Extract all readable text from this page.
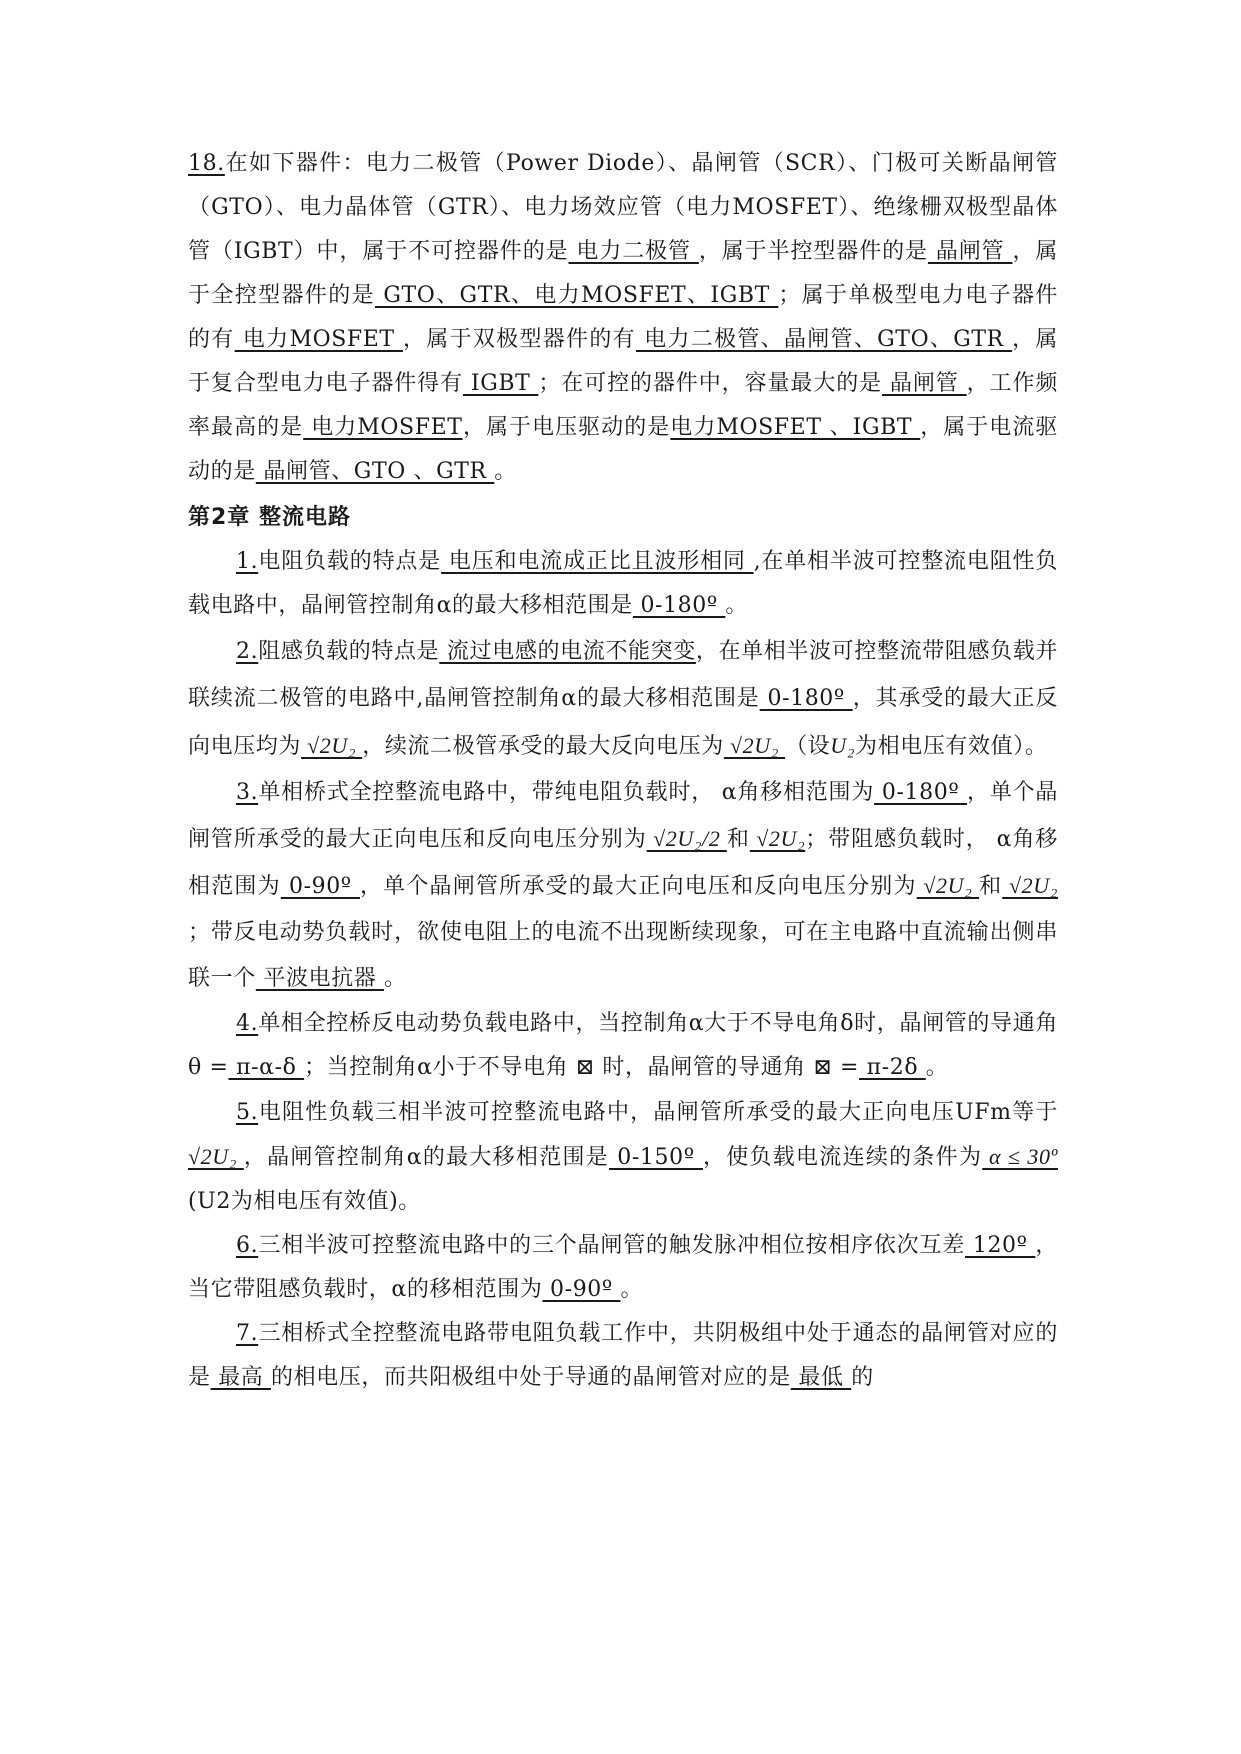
18.在如下器件：电力二极管（Power Diode）、晶闸管（SCR）、门极可关断晶闸管（GTO）、电力晶体管（GTR）、电力场效应管（电力MOSFET）、绝缘栅双极型晶体管（IGBT）中，属于不可控器件的是 电力二极管 ，属于半控型器件的是 晶闸管 ，属于全控型器件的是 GTO、GTR、电力MOSFET、IGBT ；属于单极型电力电子器件的有 电力MOSFET ，属于双极型器件的有 电力二极管、晶闸管、GTO、GTR ，属于复合型电力电子器件得有 IGBT ；在可控的器件中，容量最大的是 晶闸管 ，工作频率最高的是 电力MOSFET，属于电压驱动的是电力MOSFET 、IGBT ，属于电流驱动的是 晶闸管、GTO 、GTR 。

第2章 整流电路

1.电阻负载的特点是 电压和电流成正比且波形相同 ,在单相半波可控整流电阻性负载电路中，晶闸管控制角α的最大移相范围是 0-180º 。

2.阻感负载的特点是 流过电感的电流不能突变，在单相半波可控整流带阻感负载并联续流二极管的电路中,晶闸管控制角α的最大移相范围是 0-180º ，其承受的最大正反向电压均为 √2U₂ ，续流二极管承受的最大反向电压为 √2U₂ （设U₂为相电压有效值）。

3.单相桥式全控整流电路中，带纯电阻负载时， α角移相范围为 0-180º ，单个晶闸管所承受的最大正向电压和反向电压分别为 √2U₂/2 和 √2U₂；带阻感负载时， α角移相范围为 0-90º ，单个晶闸管所承受的最大正向电压和反向电压分别为 √2U₂ 和 √2U₂ ；带反电动势负载时，欲使电阻上的电流不出现断续现象，可在主电路中直流输出侧串联一个 平波电抗器 。

4.单相全控桥反电动势负载电路中，当控制角α大于不导电角δ时，晶闸管的导通角θ = π-α-δ ；当控制角α小于不导电角 ⊠ 时，晶闸管的导通角 ⊠ = π-2δ 。

5.电阻性负载三相半波可控整流电路中，晶闸管所承受的最大正向电压UFm等于 √2U₂ ，晶闸管控制角α的最大移相范围是 0-150º ，使负载电流连续的条件为 α ≤ 30º (U2为相电压有效值)。

6.三相半波可控整流电路中的三个晶闸管的触发脉冲相位按相序依次互差 120º ，当它带阻感负载时，α的移相范围为 0-90º 。

7.三相桥式全控整流电路带电阻负载工作中，共阴极组中处于通态的晶闸管对应的是 最高 的相电压，而共阳极组中处于导通的晶闸管对应的是 最低 的
